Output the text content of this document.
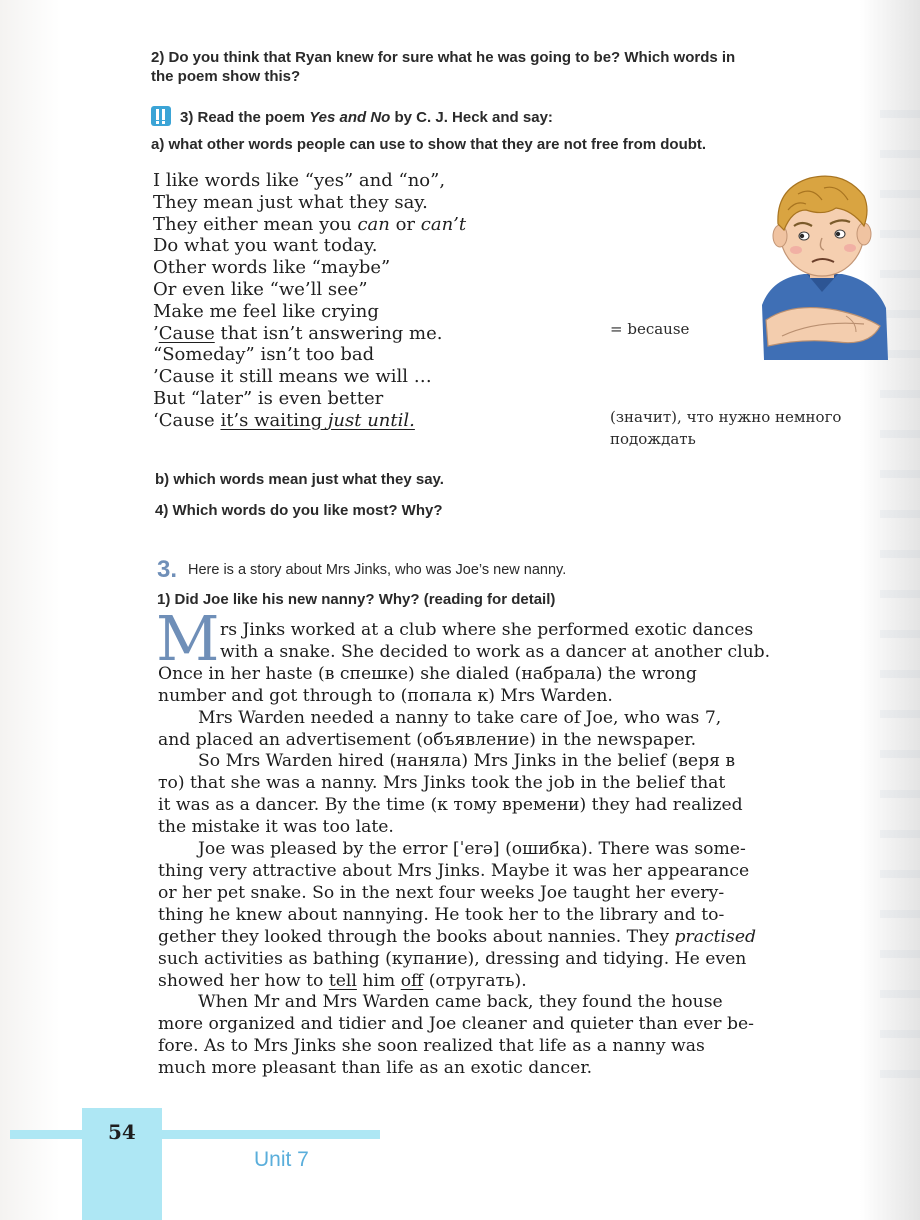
2) Do you think that Ryan knew for sure what he was going to be? Which words in
the poem show this?
3) Read the poem Yes and No by C. J. Heck and say:
a) what other words people can use to show that they are not free from doubt.
I like words like “yes” and “no”,
They mean just what they say.
They either mean you can or can’t
Do what you want today.
Other words like “maybe”
Or even like “we’ll see”
Make me feel like crying
’Cause that isn’t answering me.
“Someday” isn’t too bad
’Cause it still means we will …
But “later” is even better
‘Cause it’s waiting just until.
= because
(значит), что нужно немного
подождать
b) which words mean just what they say.
4) Which words do you like most? Why?
3. Here is a story about Mrs Jinks, who was Joe’s new nanny.
1) Did Joe like his new nanny? Why? (reading for detail)
M rs Jinks worked at a club where she performed exotic dances
with a snake. She decided to work as a dancer at another club.
Once in her haste (в спешке) she dialed (набрала) the wrong
number and got through to (попала к) Mrs Warden.
Mrs Warden needed a nanny to take care of Joe, who was 7,
and placed an advertisement (объявление) in the newspaper.
So Mrs Warden hired (наняла) Mrs Jinks in the belief (веря в
то) that she was a nanny. Mrs Jinks took the job in the belief that
it was as a dancer. By the time (к тому времени) they had realized
the mistake it was too late.
Joe was pleased by the error [ˈerə] (ошибка). There was some-
thing very attractive about Mrs Jinks. Maybe it was her appearance
or her pet snake. So in the next four weeks Joe taught her every-
thing he knew about nannying. He took her to the library and to-
gether they looked through the books about nannies. They practised
such activities as bathing (купание), dressing and tidying. He even
showed her how to tell him off (отругать).
When Mr and Mrs Warden came back, they found the house
more organized and tidier and Joe cleaner and quieter than ever be-
fore. As to Mrs Jinks she soon realized that life as a nanny was
much more pleasant than life as an exotic dancer.
54
Unit 7
